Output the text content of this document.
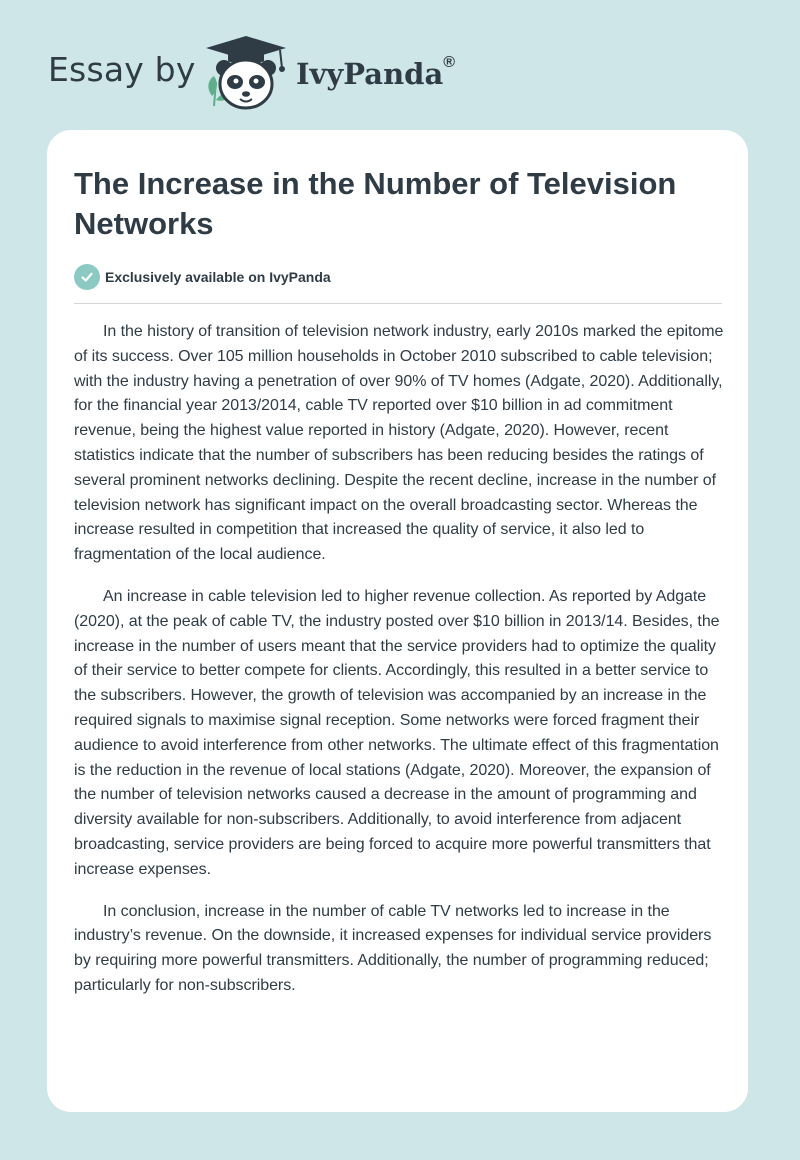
Essay by	IvyPanda®
The Increase in the Number of Television Networks
Exclusively available on IvyPanda

In the history of transition of television network industry, early 2010s marked the epitome of its success. Over 105 million households in October 2010 subscribed to cable television; with the industry having a penetration of over 90% of TV homes (Adgate, 2020). Additionally, for the financial year 2013/2014, cable TV reported over $10 billion in ad commitment revenue, being the highest value reported in history (Adgate, 2020). However, recent statistics indicate that the number of subscribers has been reducing besides the ratings of several prominent networks declining. Despite the recent decline, increase in the number of television network has significant impact on the overall broadcasting sector. Whereas the increase resulted in competition that increased the quality of service, it also led to fragmentation of the local audience.

An increase in cable television led to higher revenue collection. As reported by Adgate (2020), at the peak of cable TV, the industry posted over $10 billion in 2013/14. Besides, the increase in the number of users meant that the service providers had to optimize the quality of their service to better compete for clients. Accordingly, this resulted in a better service to the subscribers. However, the growth of television was accompanied by an increase in the required signals to maximise signal reception. Some networks were forced fragment their audience to avoid interference from other networks. The ultimate effect of this fragmentation is the reduction in the revenue of local stations (Adgate, 2020). Moreover, the expansion of the number of television networks caused a decrease in the amount of programming and diversity available for non-subscribers. Additionally, to avoid interference from adjacent broadcasting, service providers are being forced to acquire more powerful transmitters that increase expenses.

In conclusion, increase in the number of cable TV networks led to increase in the industry’s revenue. On the downside, it increased expenses for individual service providers by requiring more powerful transmitters. Additionally, the number of programming reduced; particularly for non-subscribers.
